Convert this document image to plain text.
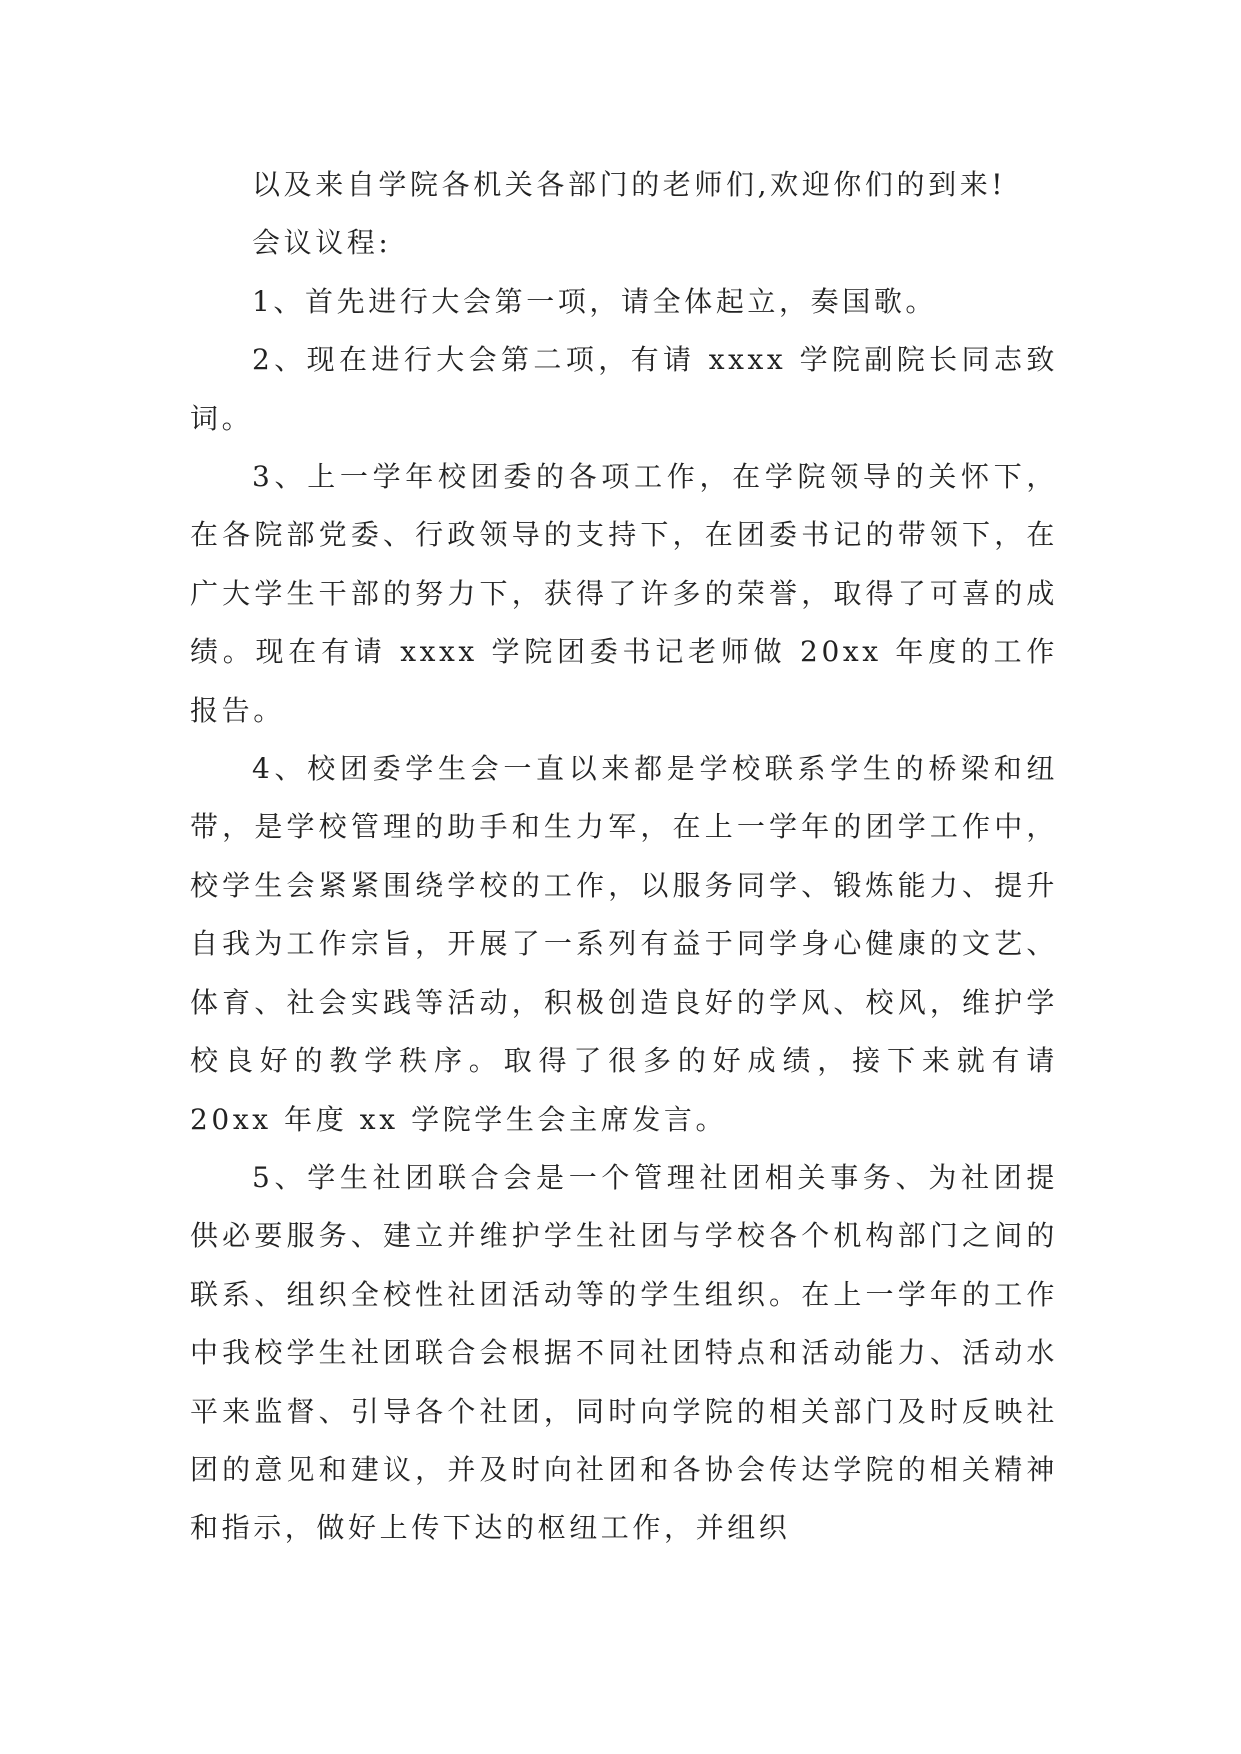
以及来自学院各机关各部门的老师们,欢迎你们的到来!

会议议程:

1、首先进行大会第一项，请全体起立，奏国歌。

2、现在进行大会第二项，有请 xxxx 学院副院长同志致词。

3、上一学年校团委的各项工作，在学院领导的关怀下，在各院部党委、行政领导的支持下，在团委书记的带领下，在广大学生干部的努力下，获得了许多的荣誉，取得了可喜的成绩。现在有请 xxxx 学院团委书记老师做 20xx 年度的工作报告。

4、校团委学生会一直以来都是学校联系学生的桥梁和纽带，是学校管理的助手和生力军，在上一学年的团学工作中，校学生会紧紧围绕学校的工作，以服务同学、锻炼能力、提升自我为工作宗旨，开展了一系列有益于同学身心健康的文艺、体育、社会实践等活动，积极创造良好的学风、校风，维护学校良好的教学秩序。取得了很多的好成绩，接下来就有请 20xx 年度 xx 学院学生会主席发言。

5、学生社团联合会是一个管理社团相关事务、为社团提供必要服务、建立并维护学生社团与学校各个机构部门之间的联系、组织全校性社团活动等的学生组织。在上一学年的工作中我校学生社团联合会根据不同社团特点和活动能力、活动水平来监督、引导各个社团，同时向学院的相关部门及时反映社团的意见和建议，并及时向社团和各协会传达学院的相关精神和指示，做好上传下达的枢纽工作，并组织
